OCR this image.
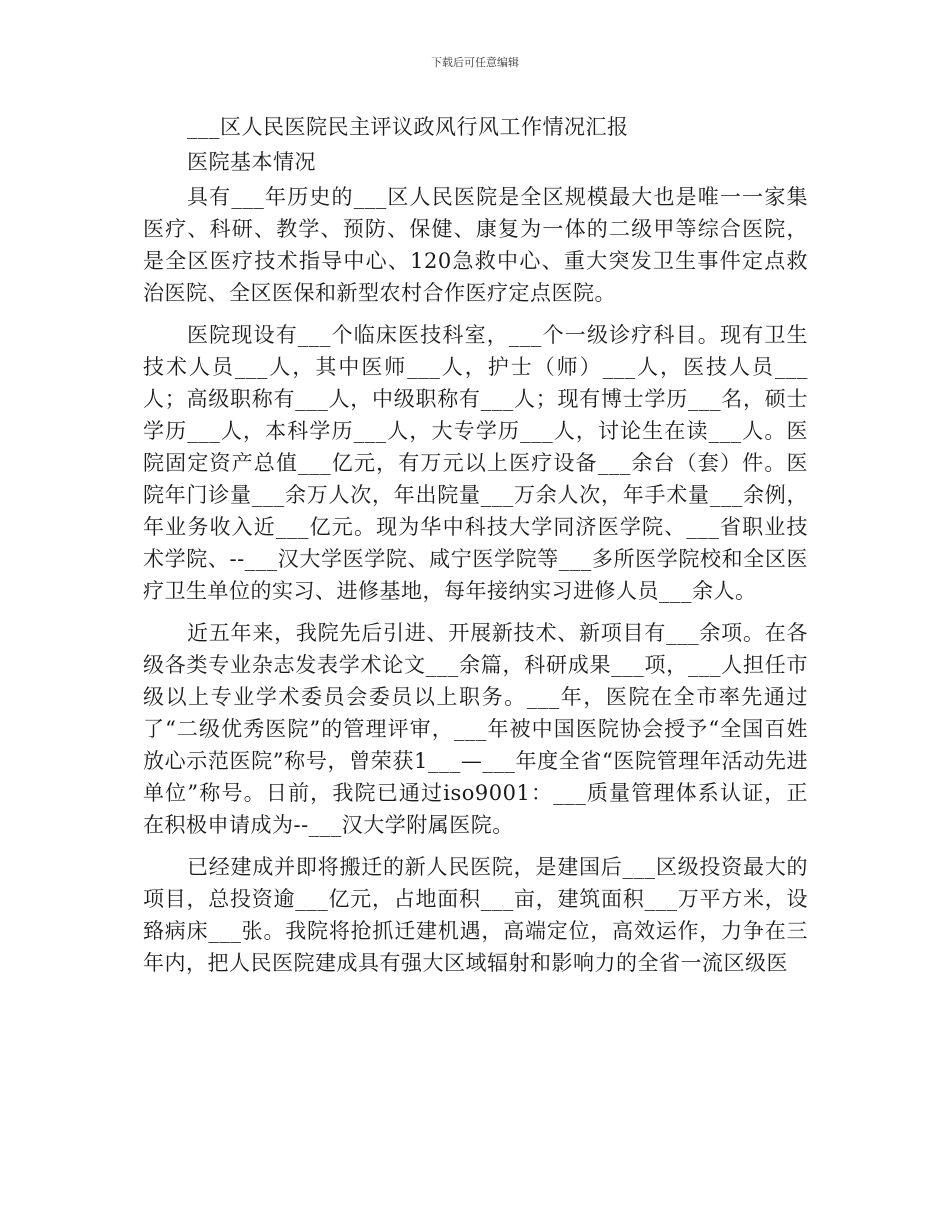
下载后可任意编辑

___区人民医院民主评议政风行风工作情况汇报

医院基本情况

具有___年历史的___区人民医院是全区规模最大也是唯一一家集医疗、科研、教学、预防、保健、康复为一体的二级甲等综合医院，是全区医疗技术指导中心、120急救中心、重大突发卫生事件定点救治医院、全区医保和新型农村合作医疗定点医院。

医院现设有___个临床医技科室，___个一级诊疗科目。现有卫生技术人员___人，其中医师___人，护士（师）___人，医技人员___人；高级职称有___人，中级职称有___人；现有博士学历___名，硕士学历___人，本科学历___人，大专学历___人，讨论生在读___人。医院固定资产总值___亿元，有万元以上医疗设备___余台（套）件。医院年门诊量___余万人次，年出院量___万余人次，年手术量___余例，年业务收入近___亿元。现为华中科技大学同济医学院、___省职业技术学院、--___汉大学医学院、咸宁医学院等___多所医学院校和全区医疗卫生单位的实习、进修基地，每年接纳实习进修人员___余人。

近五年来，我院先后引进、开展新技术、新项目有___余项。在各级各类专业杂志发表学术论文___余篇，科研成果___项，___人担任市级以上专业学术委员会委员以上职务。___年，医院在全市率先通过了“二级优秀医院”的管理评审，___年被中国医院协会授予“全国百姓放心示范医院”称号，曾荣获1___—___年度全省“医院管理年活动先进单位”称号。日前，我院已通过iso9001：___质量管理体系认证，正在积极申请成为--___汉大学附属医院。

已经建成并即将搬迁的新人民医院，是建国后___区级投资最大的项目，总投资逾___亿元，占地面积___亩，建筑面积___万平方米，设臵病床___张。我院将抢抓迁建机遇，高端定位，高效运作，力争在三年内，把人民医院建成具有强大区域辐射和影响力的全省一流区级医
